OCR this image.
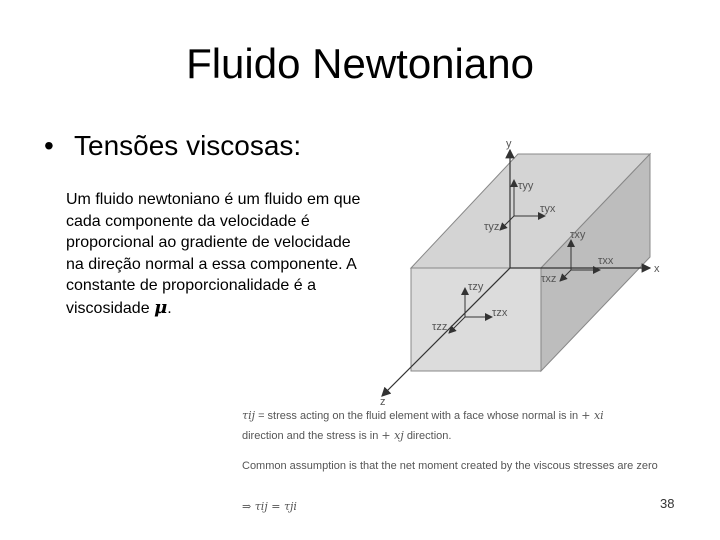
Fluido Newtoniano
• Tensões viscosas:
Um fluido newtoniano é um fluido em que cada componente da velocidade é proporcional ao gradiente de velocidade na direção normal a essa componente. A constante de proporcionalidade é a viscosidade μ.
y
x
z
τyy
τyx
τyz
τxy
τxx
τxz
τzy
τzx
τzz
τij = stress acting on the fluid element with a face whose normal is in + xi
direction and the stress is in + xj direction.
Common assumption is that the net moment created by the viscous stresses are zero
⇒ τij = τji	38
